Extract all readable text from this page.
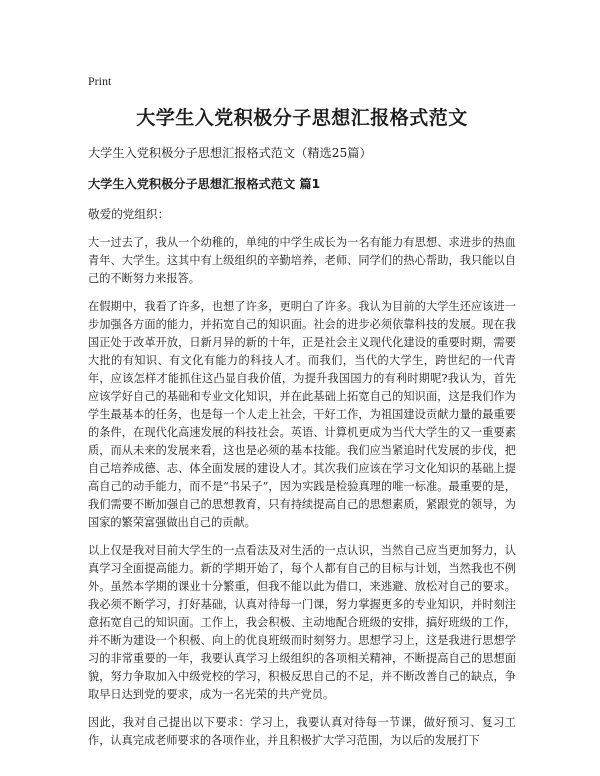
Print
大学生入党积极分子思想汇报格式范文

大学生入党积极分子思想汇报格式范文（精选25篇）

大学生入党积极分子思想汇报格式范文 篇1

敬爱的党组织：

大一过去了，我从一个幼稚的，单纯的中学生成长为一名有能力有思想、求进步的热血青年、大学生。这其中有上级组织的辛勤培养，老师、同学们的热心帮助，我只能以自己的不断努力来报答。

在假期中，我看了许多，也想了许多，更明白了许多。我认为目前的大学生还应该进一步加强各方面的能力，并拓宽自己的知识面。社会的进步必须依靠科技的发展。现在我国正处于改革开放，日新月异的新的十年，正是社会主义现代化建设的重要时期，需要大批的有知识、有文化有能力的科技人才。而我们，当代的大学生，跨世纪的一代青年，应该怎样才能抓住这凸显自我价值，为提升我国国力的有利时期呢?我认为，首先应该学好自己的基础和专业文化知识，并在此基础上拓宽自己的知识面，这是我们作为学生最基本的任务，也是每一个人走上社会，干好工作，为祖国建设贡献力量的最重要的条件，在现代化高速发展的科技社会。英语、计算机更成为当代大学生的又一重要素质，而从未来的发展来看，这也是必须的基本技能。我们应当紧追时代发展的步伐，把自己培养成德、志、体全面发展的建设人才。其次我们应该在学习文化知识的基础上提高自己的动手能力，而不是“书呆子”，因为实践是检验真理的唯一标准。最重要的是，我们需要不断加强自己的思想教育，只有持续提高自己的思想素质，紧跟党的领导，为国家的繁荣富强做出自己的贡献。

以上仅是我对目前大学生的一点看法及对生活的一点认识，当然自己应当更加努力，认真学习全面提高能力。新的学期开始了，每个人都有自己的目标与计划，当然我也不例外。虽然本学期的课业十分繁重，但我不能以此为借口，来逃避、放松对自己的要求。我必须不断学习，打好基础，认真对待每一门课，努力掌握更多的专业知识，并时刻注意拓宽自己的知识面。工作上，我会积极、主动地配合班级的安排，搞好班级的工作，并不断为建设一个积极、向上的优良班级而时刻努力。思想学习上，这是我进行思想学习的非常重要的一年，我要认真学习上级组织的各项相关精神，不断提高自己的思想面貌，努力争取加入中级党校的学习，积极反思自己的不足，并不断改善自己的缺点，争取早日达到党的要求，成为一名光荣的共产党员。

因此，我对自己提出以下要求：学习上，我要认真对待每一节课，做好预习、复习工作，认真完成老师要求的各项作业，并且积极扩大学习范围，为以后的发展打下
